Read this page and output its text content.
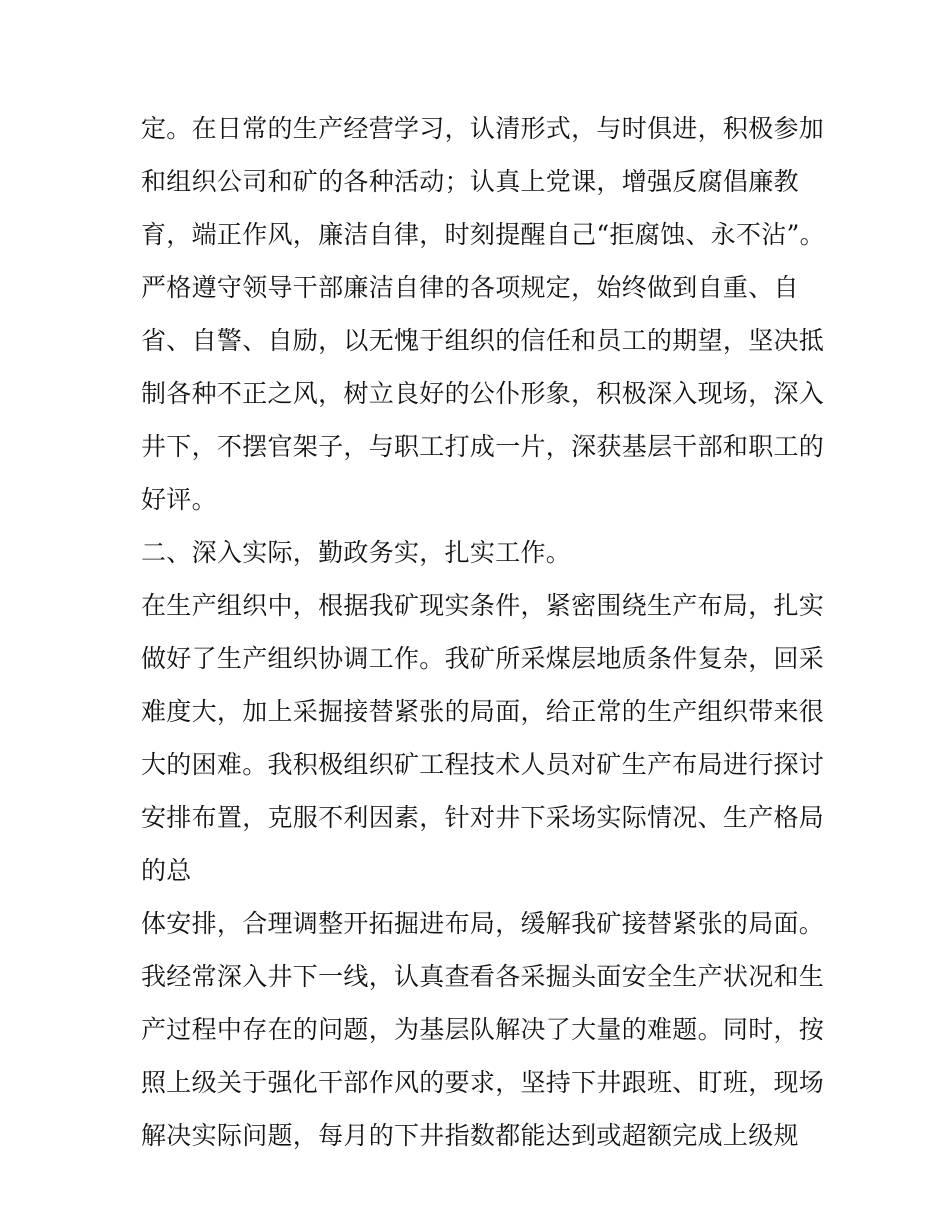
定。在日常的生产经营学习，认清形式，与时俱进，积极参加
和组织公司和矿的各种活动；认真上党课，增强反腐倡廉教
育，端正作风，廉洁自律，时刻提醒自己“拒腐蚀、永不沾”。
严格遵守领导干部廉洁自律的各项规定，始终做到自重、自
省、自警、自励，以无愧于组织的信任和员工的期望，坚决抵
制各种不正之风，树立良好的公仆形象，积极深入现场，深入
井下，不摆官架子，与职工打成一片，深获基层干部和职工的
好评。
二、深入实际，勤政务实，扎实工作。
在生产组织中，根据我矿现实条件，紧密围绕生产布局，扎实
做好了生产组织协调工作。我矿所采煤层地质条件复杂，回采
难度大，加上采掘接替紧张的局面，给正常的生产组织带来很
大的困难。我积极组织矿工程技术人员对矿生产布局进行探讨
安排布置，克服不利因素，针对井下采场实际情况、生产格局
的总
体安排，合理调整开拓掘进布局，缓解我矿接替紧张的局面。
我经常深入井下一线，认真查看各采掘头面安全生产状况和生
产过程中存在的问题，为基层队解决了大量的难题。同时，按
照上级关于强化干部作风的要求，坚持下井跟班、盯班，现场
解决实际问题，每月的下井指数都能达到或超额完成上级规
